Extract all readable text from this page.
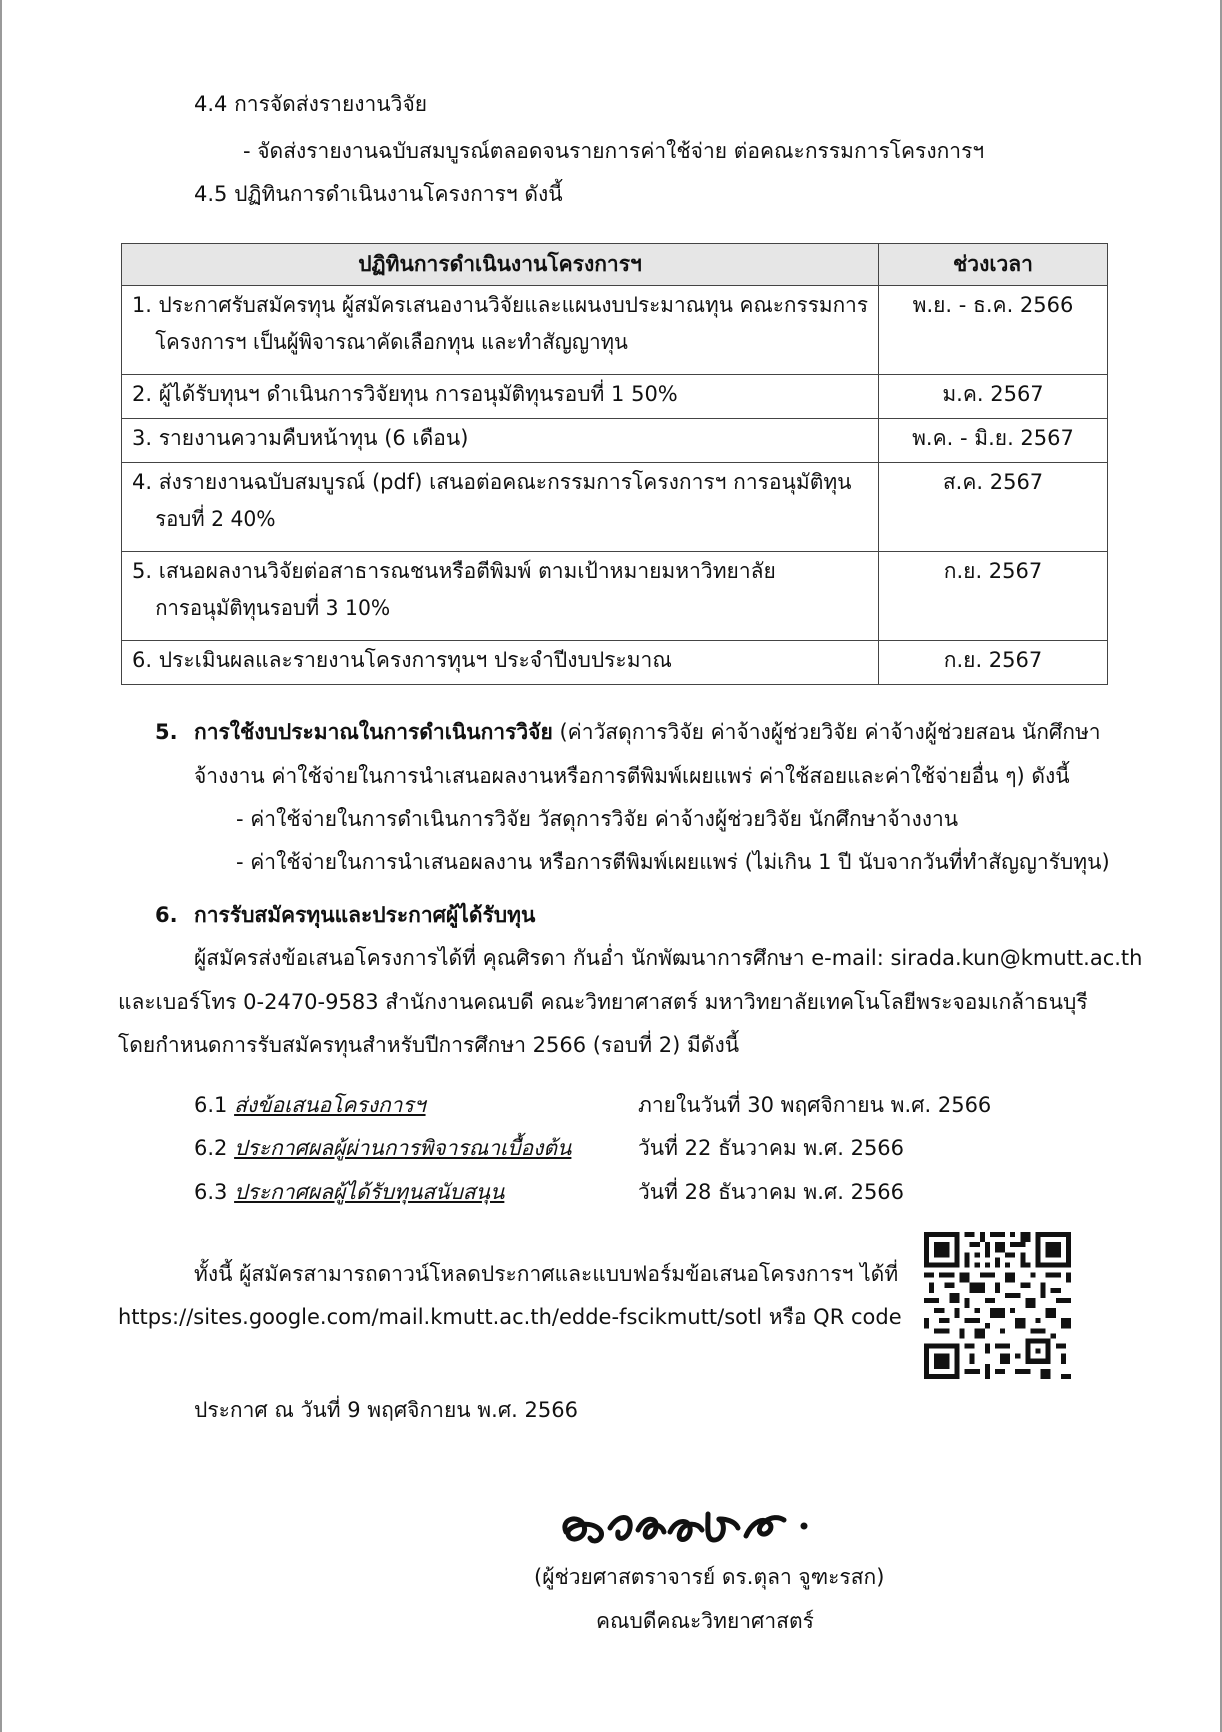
4.4 การจัดส่งรายงานวิจัย
- จัดส่งรายงานฉบับสมบูรณ์ตลอดจนรายการค่าใช้จ่าย ต่อคณะกรรมการโครงการฯ
4.5 ปฏิทินการดำเนินงานโครงการฯ ดังนี้
ปฏิทินการดำเนินงานโครงการฯ	ช่วงเวลา
1. ประกาศรับสมัครทุน ผู้สมัครเสนองานวิจัยและแผนงบประมาณทุน คณะกรรมการ
โครงการฯ เป็นผู้พิจารณาคัดเลือกทุน และทำสัญญาทุน	พ.ย. - ธ.ค. 2566
2. ผู้ได้รับทุนฯ ดำเนินการวิจัยทุน การอนุมัติทุนรอบที่ 1 50%	ม.ค. 2567
3. รายงานความคืบหน้าทุน (6 เดือน)	พ.ค. - มิ.ย. 2567
4. ส่งรายงานฉบับสมบูรณ์ (pdf) เสนอต่อคณะกรรมการโครงการฯ การอนุมัติทุน
รอบที่ 2 40%	ส.ค. 2567
5. เสนอผลงานวิจัยต่อสาธารณชนหรือตีพิมพ์ ตามเป้าหมายมหาวิทยาลัย
การอนุมัติทุนรอบที่ 3 10%	ก.ย. 2567
6. ประเมินผลและรายงานโครงการทุนฯ ประจำปีงบประมาณ	ก.ย. 2567
5. การใช้งบประมาณในการดำเนินการวิจัย (ค่าวัสดุการวิจัย ค่าจ้างผู้ช่วยวิจัย ค่าจ้างผู้ช่วยสอน นักศึกษา
จ้างงาน ค่าใช้จ่ายในการนำเสนอผลงานหรือการตีพิมพ์เผยแพร่ ค่าใช้สอยและค่าใช้จ่ายอื่น ๆ) ดังนี้
- ค่าใช้จ่ายในการดำเนินการวิจัย วัสดุการวิจัย ค่าจ้างผู้ช่วยวิจัย นักศึกษาจ้างงาน
- ค่าใช้จ่ายในการนำเสนอผลงาน หรือการตีพิมพ์เผยแพร่ (ไม่เกิน 1 ปี นับจากวันที่ทำสัญญารับทุน)
6. การรับสมัครทุนและประกาศผู้ได้รับทุน
ผู้สมัครส่งข้อเสนอโครงการได้ที่ คุณศิรดา กันอ่ำ นักพัฒนาการศึกษา e-mail: sirada.kun@kmutt.ac.th
และเบอร์โทร 0-2470-9583 สำนักงานคณบดี คณะวิทยาศาสตร์ มหาวิทยาลัยเทคโนโลยีพระจอมเกล้าธนบุรี
โดยกำหนดการรับสมัครทุนสำหรับปีการศึกษา 2566 (รอบที่ 2) มีดังนี้
6.1 ส่งข้อเสนอโครงการฯ	ภายในวันที่ 30 พฤศจิกายน พ.ศ. 2566
6.2 ประกาศผลผู้ผ่านการพิจารณาเบื้องต้น	วันที่ 22 ธันวาคม พ.ศ. 2566
6.3 ประกาศผลผู้ได้รับทุนสนับสนุน	วันที่ 28 ธันวาคม พ.ศ. 2566
ทั้งนี้ ผู้สมัครสามารถดาวน์โหลดประกาศและแบบฟอร์มข้อเสนอโครงการฯ ได้ที่
https://sites.google.com/mail.kmutt.ac.th/edde-fscikmutt/sotl หรือ QR code
ประกาศ ณ วันที่ 9 พฤศจิกายน พ.ศ. 2566
(ผู้ช่วยศาสตราจารย์ ดร.ตุลา จูฑะรสก)
คณบดีคณะวิทยาศาสตร์
